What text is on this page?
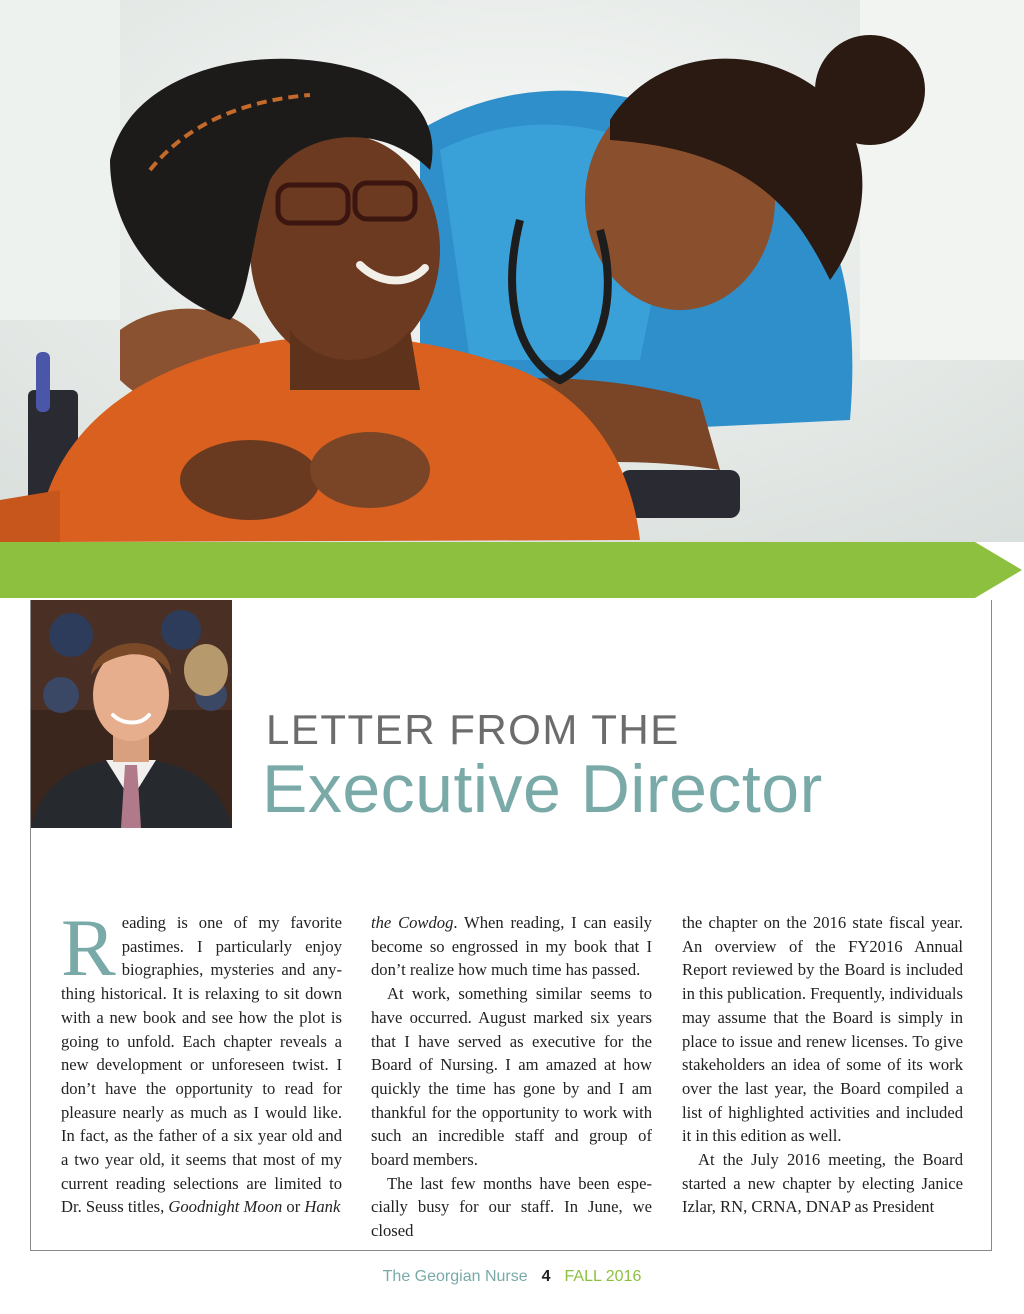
LETTER FROM THE
Executive Director

Reading is one of my favorite pastimes. I particularly enjoy biographies, mysteries and anything historical. It is relaxing to sit down with a new book and see how the plot is going to unfold. Each chapter reveals a new development or unforeseen twist. I don’t have the opportunity to read for pleasure nearly as much as I would like. In fact, as the father of a six year old and a two year old, it seems that most of my current reading selections are limited to Dr. Seuss titles, Goodnight Moon or Hank

the Cowdog. When reading, I can easily become so engrossed in my book that I don’t realize how much time has passed.

At work, something similar seems to have occurred. August marked six years that I have served as executive for the Board of Nursing. I am amazed at how quickly the time has gone by and I am thankful for the opportunity to work with such an incredible staff and group of board members.

The last few months have been especially busy for our staff. In June, we closed

the chapter on the 2016 state fiscal year. An overview of the FY2016 Annual Report reviewed by the Board is included in this publication. Frequently, individuals may assume that the Board is simply in place to issue and renew licenses. To give stakeholders an idea of some of its work over the last year, the Board compiled a list of highlighted activities and included it in this edition as well.

At the July 2016 meeting, the Board started a new chapter by electing Janice Izlar, RN, CRNA, DNAP as President

The Georgian Nurse 4 FALL 2016
